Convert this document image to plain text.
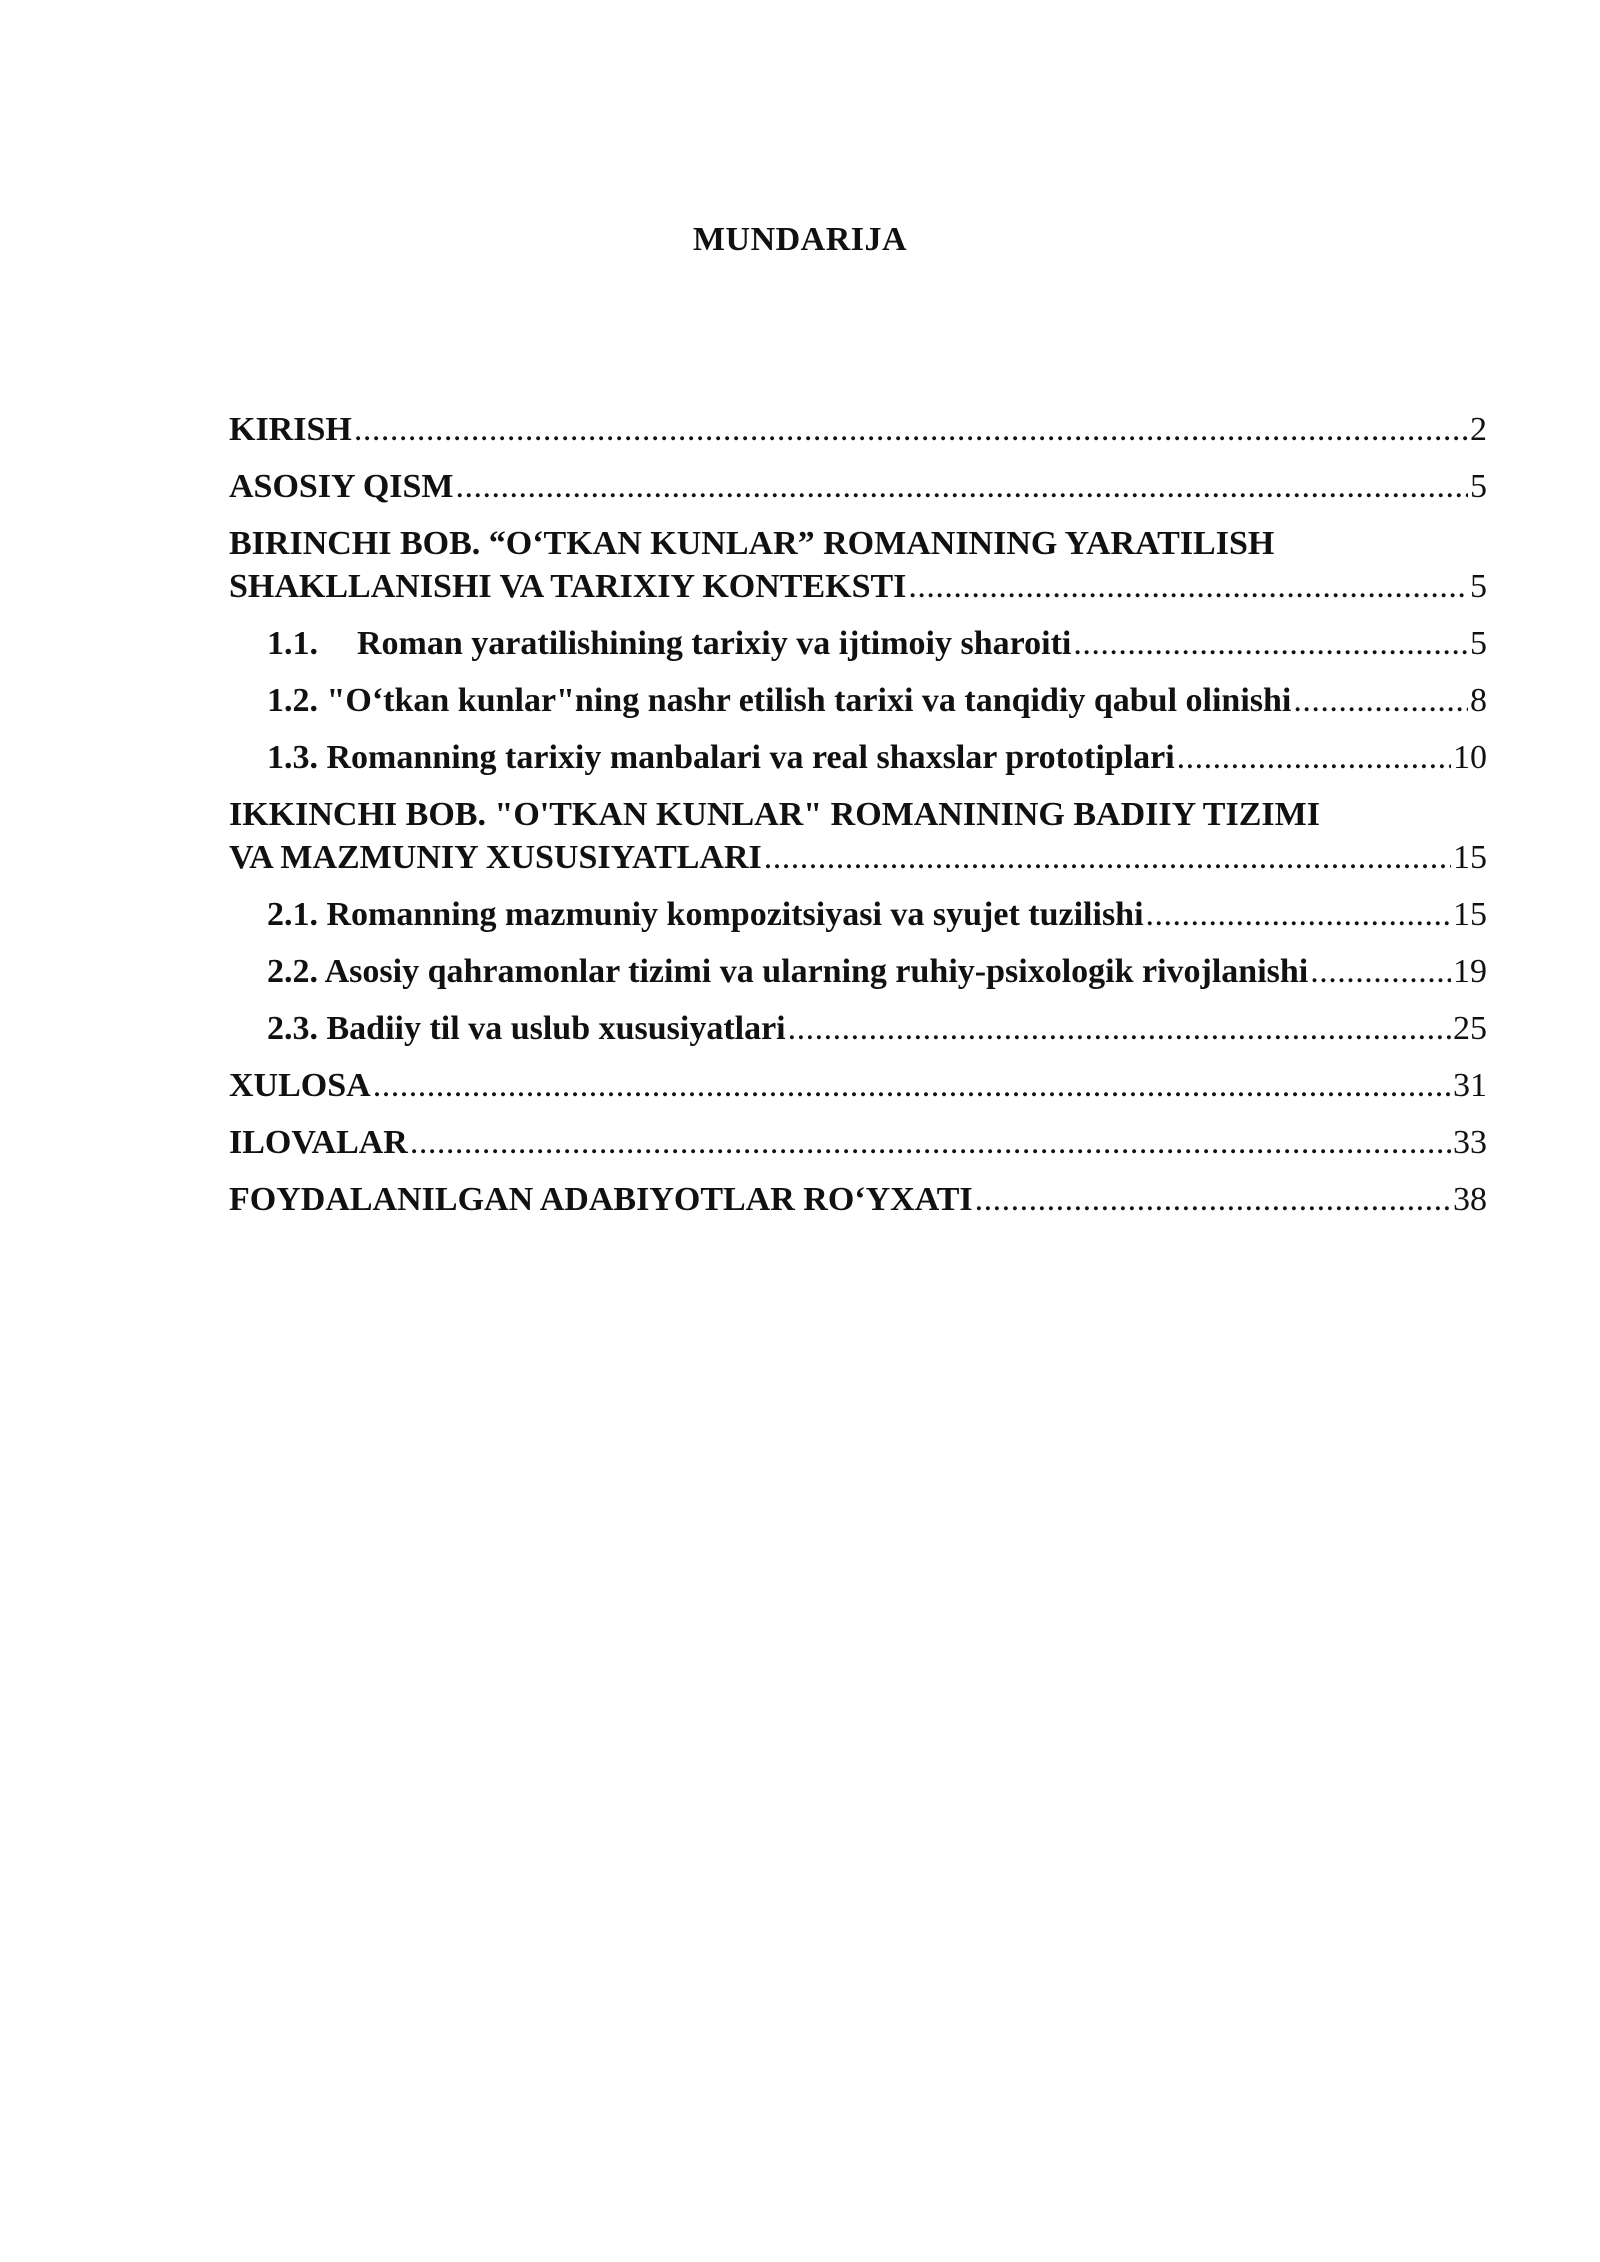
MUNDARIJA
KIRISH .....	2
ASOSIY QISM .....	5
BIRINCHI BOB. “O‘TKAN KUNLAR” ROMANINING YARATILISH
SHAKLLANISHI VA TARIXIY KONTEKSTI .....	5
1.1. Roman yaratilishining tarixiy va ijtimoiy sharoiti .....	5
1.2. "O‘tkan kunlar"ning nashr etilish tarixi va tanqidiy qabul olinishi .....	8
1.3. Romanning tarixiy manbalari va real shaxslar prototiplari .....	10
IKKINCHI BOB. "O'TKAN KUNLAR" ROMANINING BADIIY TIZIMI
VA MAZMUNIY XUSUSIYATLARI .....	15
2.1. Romanning mazmuniy kompozitsiyasi va syujet tuzilishi .....	15
2.2. Asosiy qahramonlar tizimi va ularning ruhiy-psixologik rivojlanishi .....	19
2.3. Badiiy til va uslub xususiyatlari .....	25
XULOSA .....	31
ILOVALAR .....	33
FOYDALANILGAN ADABIYOTLAR RO‘YXATI .....	38
